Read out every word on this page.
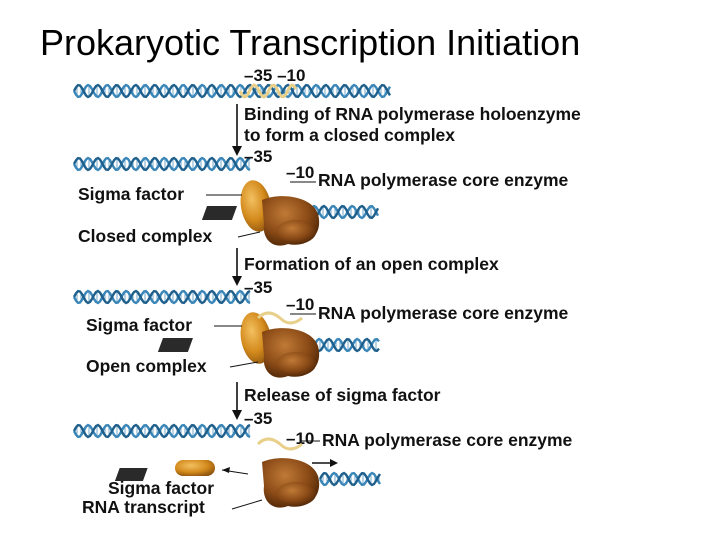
Prokaryotic Transcription Initiation
–35 –10
Binding of RNA polymerase holoenzyme
to form a closed complex
–35
–10 RNA polymerase core enzyme
Sigma factor
Closed complex
Formation of an open complex
–35
–10 RNA polymerase core enzyme
Sigma factor
Open complex
Release of sigma factor
–35
–10 RNA polymerase core enzyme
Sigma factor
RNA transcript
